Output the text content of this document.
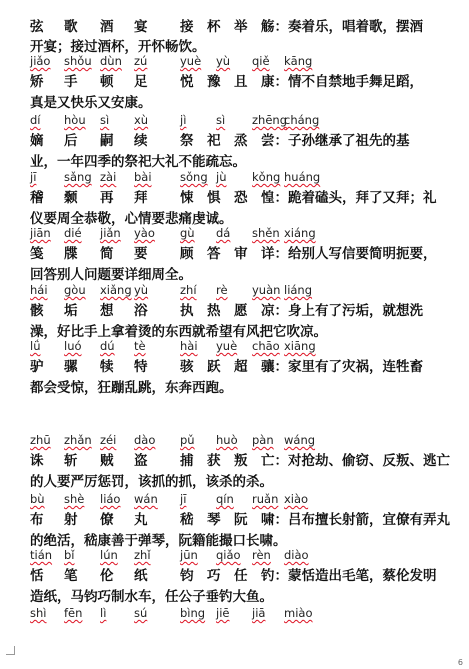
6
弦 歌 酒 宴 接　杯　举　觞：奏着乐，唱着歌，摆酒
开宴；接过酒杯，开怀畅饮。
jiǎo shǒu dùn zú	yuè yù qiě kāng
矫 手 顿 足 悦　豫　且　康：情不自禁地手舞足蹈，
真是又快乐又安康。
dí hòu sì xù	jì	sì zhēng
cháng
嫡 后 嗣 续 祭　祀　烝　尝：子孙继承了祖先的基
业，一年四季的祭祀大礼不能疏忘。
jī sǎng zài bài sǒng jù kǒng huáng
稽 颡 再 拜 悚　惧　恐　惶：跪着磕头，拜了又拜；礼
仪要周全恭敬，心情要悲痛虔诚。
jiān dié jiǎn yào gù dá shěn xiáng
笺 牒 简 要 顾　答　审　详：给别人写信要简明扼要，
回答别人问题要详细周全。
hái gòu xiǎng yù	zhí rè yuàn liáng
骸 垢 想 浴 执　热　愿　凉：身上有了污垢，就想洗
澡，好比手上拿着烫的东西就希望有风把它吹凉。
lǘ luó dú tè	hài yuè chāo xiāng
驴 骡 犊 特 骇　跃　超　骧：家里有了灾祸，连牲畜
都会受惊，狂蹦乱跳，东奔西跑。
zhū zhǎn zéi dào pǔ huò pàn wáng
诛 斩 贼 盗 捕　获　叛　亡：对抢劫、偷窃、反叛、逃亡
的人要严厉惩罚，该抓的抓，该杀的杀。
bù shè liáo wán jī	qín ruǎn xiào
布 射 僚 丸 嵇　琴　阮　啸：吕布擅长射箭，宜僚有弄丸
的绝活，嵇康善于弹琴，阮籍能撮口长啸。
tián bǐ lún zhǐ	jūn qiǎo rèn diào
恬 笔 伦 纸 钧　巧　任　钓：蒙恬造出毛笔，蔡伦发明
造纸，马钧巧制水车，任公子垂钓大鱼。
shì fēn lì sú	bìng jiē jiā miào
